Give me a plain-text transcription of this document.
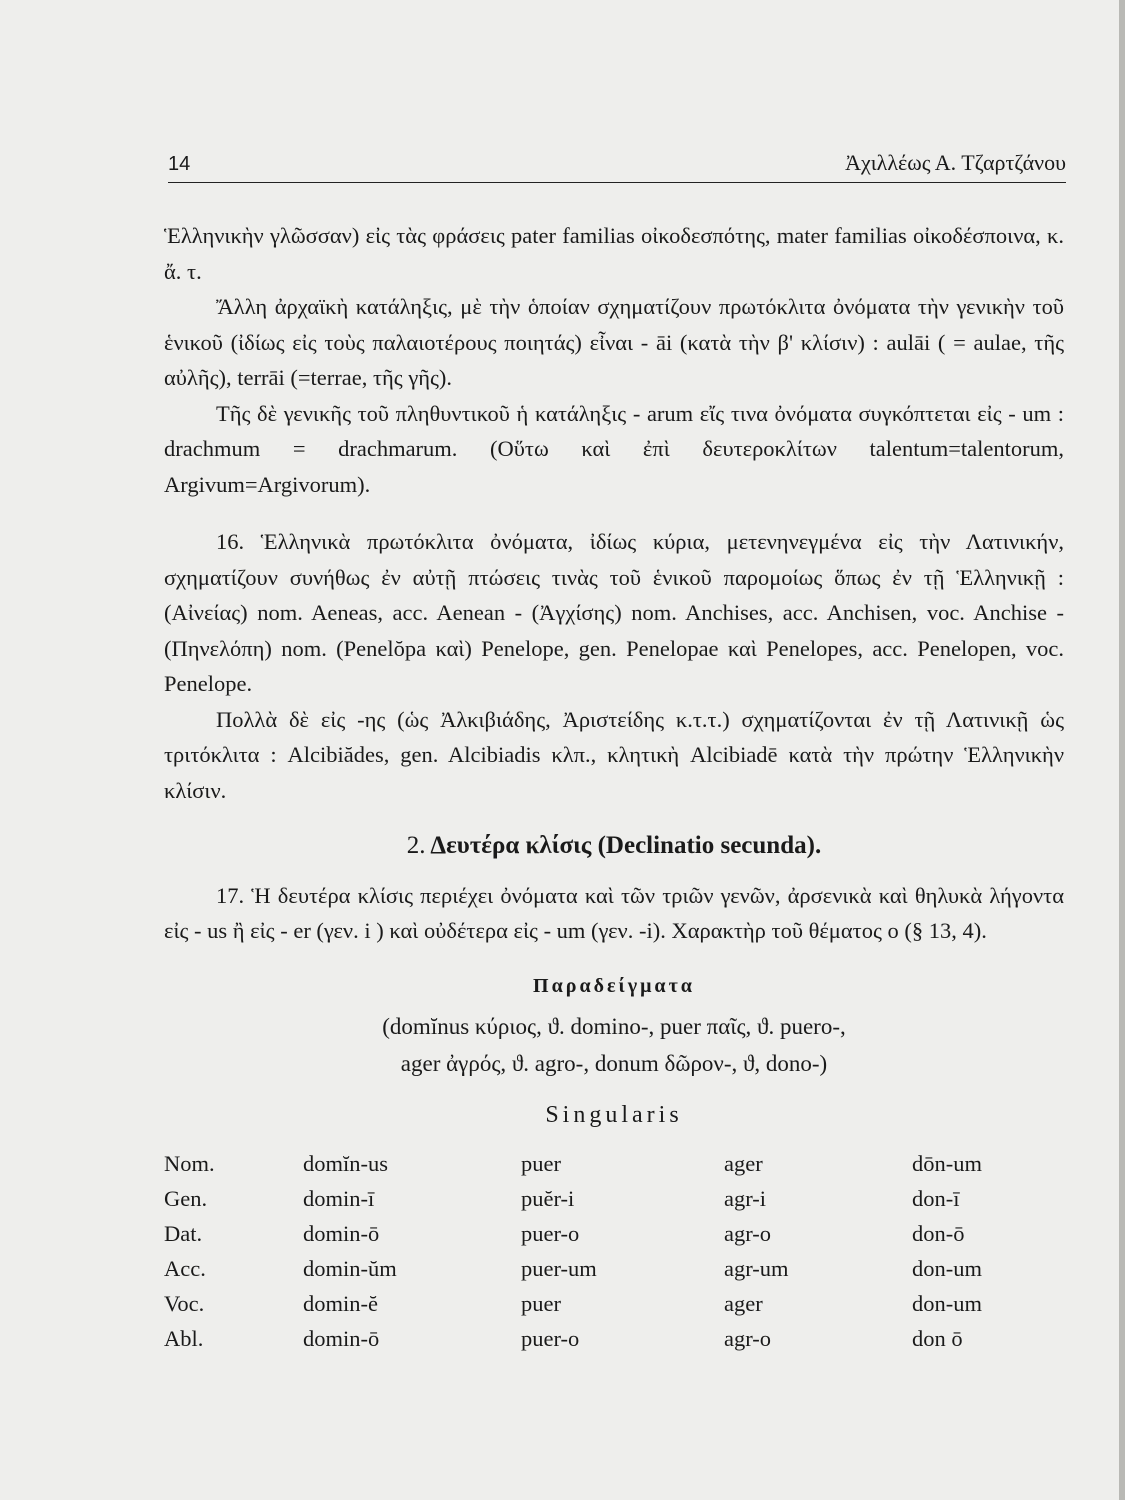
14	Ἀχιλλέως Α. Τζαρτζάνου

Ἑλληνικὴν γλῶσσαν) εἰς τὰς φράσεις pater familias οἰκοδεσπότης, mater familias οἰκοδέσποινα, κ. ἄ. τ.

Ἄλλη ἀρχαϊκὴ κατάληξις, μὲ τὴν ὁποίαν σχηματίζουν πρωτόκλιτα ὀνόματα τὴν γενικὴν τοῦ ἑνικοῦ (ἰδίως εἰς τοὺς παλαιοτέρους ποιητάς) εἶναι - āi (κατὰ τὴν β' κλίσιν) : aulāi ( = aulae, τῆς αὐλῆς), terrāi (=terrae, τῆς γῆς).

Τῆς δὲ γενικῆς τοῦ πληθυντικοῦ ἡ κατάληξις - arum εἴς τινα ὀνόματα συγκόπτεται εἰς - um : drachmum = drachmarum. (Οὕτω καὶ ἐπὶ δευτεροκλίτων talentum=talentorum, Argivum=Argivorum).

16. Ἑλληνικὰ πρωτόκλιτα ὀνόματα, ἰδίως κύρια, μετενηνεγμένα εἰς τὴν Λατινικήν, σχηματίζουν συνήθως ἐν αὐτῇ πτώσεις τινὰς τοῦ ἑνικοῦ παρομοίως ὅπως ἐν τῇ Ἑλληνικῇ : (Αἰνείας) nom. Aeneas, acc. Aenean - (Ἀγχίσης) nom. Anchises, acc. Anchisen, voc. Anchise - (Πηνελόπη) nom. (Penelŏpa καὶ) Penelope, gen. Penelopae καὶ Penelopes, acc. Penelopen, voc. Penelope.

Πολλὰ δὲ εἰς -ης (ὡς Ἀλκιβιάδης, Ἀριστείδης κ.τ.τ.) σχηματίζονται ἐν τῇ Λατινικῇ ὡς τριτόκλιτα : Alcibiădes, gen. Alcibiadis κλπ., κλητικὴ Alcibiadē κατὰ τὴν πρώτην Ἑλληνικὴν κλίσιν.

2. Δευτέρα κλίσις (Declinatio secunda).

17. Ἡ δευτέρα κλίσις περιέχει ὀνόματα καὶ τῶν τριῶν γενῶν, ἀρσενικὰ καὶ θηλυκὰ λήγοντα εἰς - us ἢ εἰς - er (γεν. i ) καὶ οὐδέτερα εἰς - um (γεν. -i). Χαρακτὴρ τοῦ θέματος o (§ 13, 4).

Παραδείγματα
(domĭnus κύριος, ϑ. domino-, puer παῖς, ϑ. puero-,
ager ἀγρός, ϑ. agro-, donum δῶρον-, ϑ, dono-)
Singularis
Nom.	domĭn-us	puer	ager	dōn-um
Gen.	domin-ī	puĕr-i	agr-i	don-ī
Dat.	domin-ō	puer-o	agr-o	don-ō
Acc.	domin-ŭm	puer-um	agr-um	don-um
Voc.	domin-ĕ	puer	ager	don-um
Abl.	domin-ō	puer-o	agr-o	don ō
